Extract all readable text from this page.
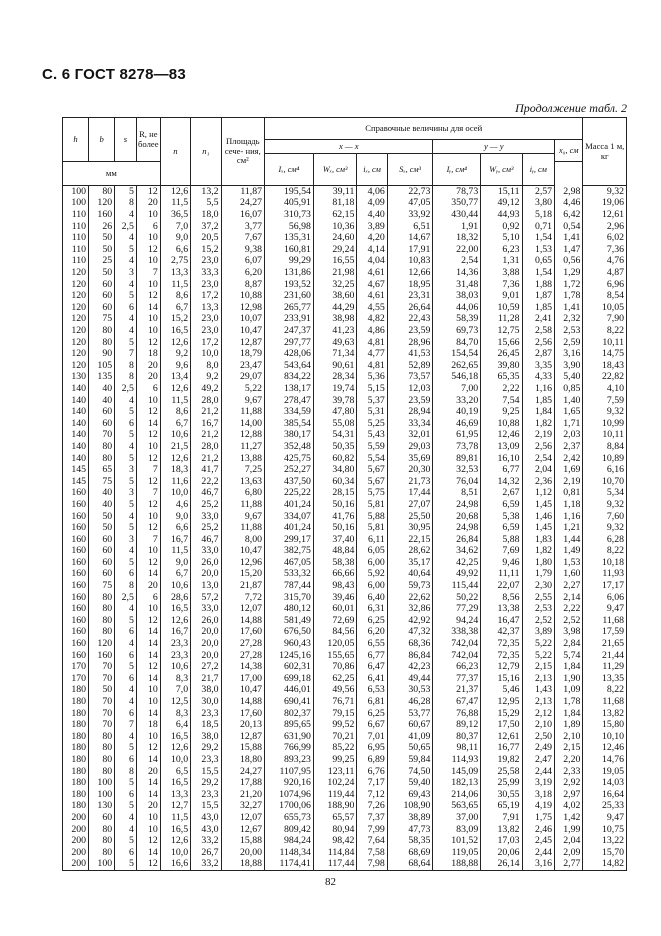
С. 6 ГОСТ 8278—83
Продолжение табл. 2
h	b	s	R, не более	n	n₁	Площадь сече- ния, см²	Справочные величины для осей								Масса 1 м, кг
							x — x				y — y			x₀, см	
							Iₓ, см⁴	Wₓ, см³	iₓ, см	Sₓ, см³	Iᵧ, см⁴	Wᵧ, см³	iᵧ, см		
мм															
100	80	5	12	12,6	13,2	11,87	195,54	39,11	4,06	22,73	78,73	15,11	2,57	2,98	9,32
100	120	8	20	11,5	5,5	24,27	405,91	81,18	4,09	47,05	350,77	49,12	3,80	4,46	19,06
110	160	4	10	36,5	18,0	16,07	310,73	62,15	4,40	33,92	430,44	44,93	5,18	6,42	12,61
110	26	2,5	6	7,0	37,2	3,77	56,98	10,36	3,89	6,51	1,91	0,92	0,71	0,54	2,96
110	50	4	10	9,0	20,5	7,67	135,31	24,60	4,20	14,67	18,32	5,10	1,54	1,41	6,02
110	50	5	12	6,6	15,2	9,38	160,81	29,24	4,14	17,91	22,00	6,23	1,53	1,47	7,36
110	25	4	10	2,75	23,0	6,07	99,29	16,55	4,04	10,83	2,54	1,31	0,65	0,56	4,76
120	50	3	7	13,3	33,3	6,20	131,86	21,98	4,61	12,66	14,36	3,88	1,54	1,29	4,87
120	60	4	10	11,5	23,0	8,87	193,52	32,25	4,67	18,95	31,48	7,36	1,88	1,72	6,96
120	60	5	12	8,6	17,2	10,88	231,60	38,60	4,61	23,31	38,03	9,01	1,87	1,78	8,54
120	60	6	14	6,7	13,3	12,98	265,77	44,29	4,55	26,64	44,06	10,59	1,85	1,41	10,05
120	75	4	10	15,2	23,0	10,07	233,91	38,98	4,82	22,43	58,39	11,28	2,41	2,32	7,90
120	80	4	10	16,5	23,0	10,47	247,37	41,23	4,86	23,59	69,73	12,75	2,58	2,53	8,22
120	80	5	12	12,6	17,2	12,87	297,77	49,63	4,81	28,96	84,70	15,66	2,56	2,59	10,11
120	90	7	18	9,2	10,0	18,79	428,06	71,34	4,77	41,53	154,54	26,45	2,87	3,16	14,75
120	105	8	20	9,6	8,0	23,47	543,64	90,61	4,81	52,89	262,65	39,80	3,35	3,90	18,43
130	135	8	20	13,4	9,2	29,07	834,22	28,34	5,36	73,57	546,18	65,35	4,33	5,40	22,82
140	40	2,5	6	12,6	49,2	5,22	138,17	19,74	5,15	12,03	7,00	2,22	1,16	0,85	4,10
140	40	4	10	11,5	28,0	9,67	278,47	39,78	5,37	23,59	33,20	7,54	1,85	1,40	7,59
140	60	5	12	8,6	21,2	11,88	334,59	47,80	5,31	28,94	40,19	9,25	1,84	1,65	9,32
140	60	6	14	6,7	16,7	14,00	385,54	55,08	5,25	33,34	46,69	10,88	1,82	1,71	10,99
140	70	5	12	10,6	21,2	12,88	380,17	54,31	5,43	32,01	61,95	12,46	2,19	2,03	10,11
140	80	4	10	21,5	28,0	11,27	352,48	50,35	5,59	29,03	73,78	13,09	2,56	2,37	8,84
140	80	5	12	12,6	21,2	13,88	425,75	60,82	5,54	35,69	89,81	16,10	2,54	2,42	10,89
145	65	3	7	18,3	41,7	7,25	252,27	34,80	5,67	20,30	32,53	6,77	2,04	1,69	6,16
145	75	5	12	11,6	22,2	13,63	437,50	60,34	5,67	21,73	76,04	14,32	2,36	2,19	10,70
160	40	3	7	10,0	46,7	6,80	225,22	28,15	5,75	17,44	8,51	2,67	1,12	0,81	5,34
160	40	5	12	4,6	25,2	11,88	401,24	50,16	5,81	27,07	24,98	6,59	1,45	1,18	9,32
160	50	4	10	9,0	33,0	9,67	334,07	41,76	5,88	25,50	20,68	5,38	1,46	1,16	7,60
160	50	5	12	6,6	25,2	11,88	401,24	50,16	5,81	30,95	24,98	6,59	1,45	1,21	9,32
160	60	3	7	16,7	46,7	8,00	299,17	37,40	6,11	22,15	26,84	5,88	1,83	1,44	6,28
160	60	4	10	11,5	33,0	10,47	382,75	48,84	6,05	28,62	34,62	7,69	1,82	1,49	8,22
160	60	5	12	9,0	26,0	12,96	467,05	58,38	6,00	35,17	42,25	9,46	1,80	1,53	10,18
160	60	6	14	6,7	20,0	15,20	533,32	66,66	5,92	40,64	49,92	11,11	1,79	1,60	11,93
160	75	8	20	10,6	13,0	21,87	787,44	98,43	6,00	59,73	115,44	22,07	2,30	2,27	17,17
160	80	2,5	6	28,6	57,2	7,72	315,70	39,46	6,40	22,62	50,22	8,56	2,55	2,14	6,06
160	80	4	10	16,5	33,0	12,07	480,12	60,01	6,31	32,86	77,29	13,38	2,53	2,22	9,47
160	80	5	12	12,6	26,0	14,88	581,49	72,69	6,25	42,92	94,24	16,47	2,52	2,52	11,68
160	80	6	14	16,7	20,0	17,60	676,50	84,56	6,20	47,32	338,38	42,37	3,89	3,98	17,59
160	120	4	14	23,3	20,0	27,28	960,43	120,05	6,55	68,36	742,04	72,35	5,22	2,84	21,65
160	160	6	14	23,3	20,0	27,28	1245,16	155,65	6,77	86,84	742,04	72,35	5,22	5,74	21,44
170	70	5	12	10,6	27,2	14,38	602,31	70,86	6,47	42,23	66,23	12,79	2,15	1,84	11,29
170	70	6	14	8,3	21,7	17,00	699,18	62,25	6,41	49,44	77,37	15,16	2,13	1,90	13,35
180	50	4	10	7,0	38,0	10,47	446,01	49,56	6,53	30,53	21,37	5,46	1,43	1,09	8,22
180	70	4	10	12,5	30,0	14,88	690,41	76,71	6,81	46,28	67,47	12,95	2,13	1,78	11,68
180	70	6	14	8,3	23,3	17,60	802,37	79,15	6,25	53,77	76,88	15,29	2,12	1,84	13,82
180	70	7	18	6,4	18,5	20,13	895,65	99,52	6,67	60,67	89,12	17,50	2,10	1,89	15,80
180	80	4	10	16,5	38,0	12,87	631,90	70,21	7,01	41,09	80,37	12,61	2,50	2,10	10,10
180	80	5	12	12,6	29,2	15,88	766,99	85,22	6,95	50,65	98,11	16,77	2,49	2,15	12,46
180	80	6	14	10,0	23,3	18,80	893,23	99,25	6,89	59,84	114,93	19,82	2,47	2,20	14,76
180	80	8	20	6,5	15,5	24,27	1107,95	123,11	6,76	74,50	145,09	25,58	2,44	2,33	19,05
180	100	5	14	16,5	29,2	17,88	920,16	102,24	7,17	59,40	182,13	25,99	3,19	2,92	14,03
180	100	6	14	13,3	23,3	21,20	1074,96	119,44	7,12	69,43	214,06	30,55	3,18	2,97	16,64
180	130	5	20	12,7	15,5	32,27	1700,06	188,90	7,26	108,90	563,65	65,19	4,19	4,02	25,33
200	60	4	10	11,5	43,0	12,07	655,73	65,57	7,37	38,89	37,00	7,91	1,75	1,42	9,47
200	80	4	10	16,5	43,0	12,67	809,42	80,94	7,99	47,73	83,09	13,82	2,46	1,99	10,75
200	80	5	12	12,6	33,2	15,88	984,24	98,42	7,64	58,35	101,52	17,03	2,45	2,04	13,22
200	80	6	14	10,0	26,7	20,00	1148,34	114,84	7,58	68,69	119,05	20,06	2,44	2,09	15,70
200	100	5	12	16,6	33,2	18,88	1174,41	117,44	7,98	68,64	188,88	26,14	3,16	2,77	14,82
82
